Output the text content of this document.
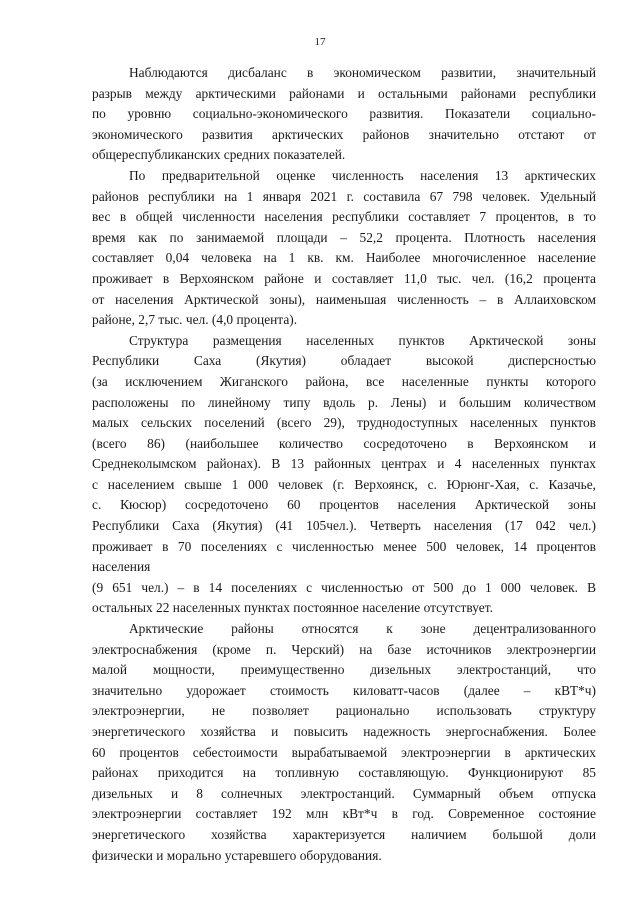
17
Наблюдаются дисбаланс в экономическом развитии, значительный
разрыв между арктическими районами и остальными районами республики
по уровню социально-экономического развития. Показатели социально-
экономического развития арктических районов значительно отстают от
общереспубликанских средних показателей.
По предварительной оценке численность населения 13 арктических
районов республики на 1 января 2021 г. составила 67 798 человек. Удельный
вес в общей численности населения республики составляет 7 процентов, в то
время как по занимаемой площади – 52,2 процента. Плотность населения
составляет 0,04 человека на 1 кв. км. Наиболее многочисленное население
проживает в Верхоянском районе и составляет 11,0 тыс. чел. (16,2 процента
от населения Арктической зоны), наименьшая численность – в Аллаиховском
районе, 2,7 тыс. чел. (4,0 процента).
Структура размещения населенных пунктов Арктической зоны
Республики Саха (Якутия) обладает высокой дисперсностью
(за исключением Жиганского района, все населенные пункты которого
расположены по линейному типу вдоль р. Лены) и большим количеством
малых сельских поселений (всего 29), труднодоступных населенных пунктов
(всего 86) (наибольшее количество сосредоточено в Верхоянском и
Среднеколымском районах). В 13 районных центрах и 4 населенных пунктах
с населением свыше 1 000 человек (г. Верхоянск, с. Юрюнг-Хая, с. Казачье,
с. Кюсюр) сосредоточено 60 процентов населения Арктической зоны
Республики Саха (Якутия) (41 105чел.). Четверть населения (17 042 чел.)
проживает в 70 поселениях с численностью менее 500 человек, 14 процентов
населения
(9 651 чел.) – в 14 поселениях с численностью от 500 до 1 000 человек. В
остальных 22 населенных пунктах постоянное население отсутствует.
Арктические районы относятся к зоне децентрализованного
электроснабжения (кроме п. Черский) на базе источников электроэнергии
малой мощности, преимущественно дизельных электростанций, что
значительно удорожает стоимость киловатт-часов (далее – кВТ*ч)
электроэнергии, не позволяет рационально использовать структуру
энергетического хозяйства и повысить надежность энергоснабжения. Более
60 процентов себестоимости вырабатываемой электроэнергии в арктических
районах приходится на топливную составляющую. Функционируют 85
дизельных и 8 солнечных электростанций. Суммарный объем отпуска
электроэнергии составляет 192 млн кВт*ч в год. Современное состояние
энергетического хозяйства характеризуется наличием большой доли
физически и морально устаревшего оборудования.
